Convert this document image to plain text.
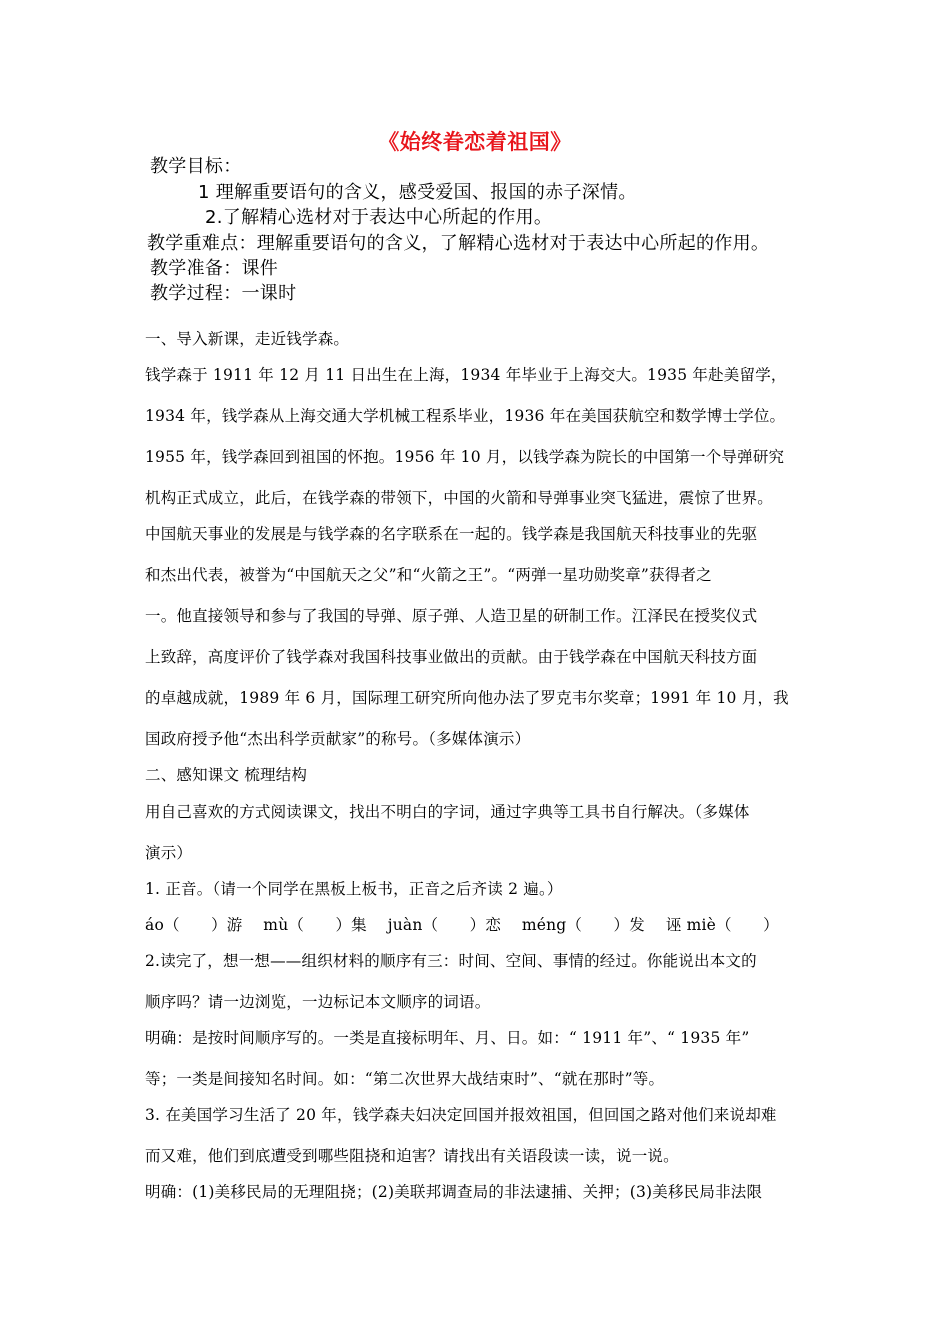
《始终眷恋着祖国》
教学目标：
1 理解重要语句的含义，感受爱国、报国的赤子深情。
2.了解精心选材对于表达中心所起的作用。
教学重难点：理解重要语句的含义，了解精心选材对于表达中心所起的作用。
教学准备：课件
教学过程：一课时
一、导入新课，走近钱学森。
钱学森于 1911 年 12 月 11 日出生在上海，1934 年毕业于上海交大。1935 年赴美留学，
1934 年，钱学森从上海交通大学机械工程系毕业，1936 年在美国获航空和数学博士学位。
1955 年，钱学森回到祖国的怀抱。1956 年 10 月，以钱学森为院长的中国第一个导弹研究
机构正式成立，此后，在钱学森的带领下，中国的火箭和导弹事业突飞猛进，震惊了世界。
中国航天事业的发展是与钱学森的名字联系在一起的。钱学森是我国航天科技事业的先驱
和杰出代表，被誉为“中国航天之父”和“火箭之王”。“两弹一星功勋奖章”获得者之
一。他直接领导和参与了我国的导弹、原子弹、人造卫星的研制工作。江泽民在授奖仪式
上致辞，高度评价了钱学森对我国科技事业做出的贡献。由于钱学森在中国航天科技方面
的卓越成就，1989 年 6 月，国际理工研究所向他办法了罗克韦尔奖章；1991 年 10 月，我
国政府授予他“杰出科学贡献家”的称号。（多媒体演示）
二、感知课文 梳理结构
用自己喜欢的方式阅读课文，找出不明白的字词，通过字典等工具书自行解决。（多媒体
演示）
1. 正音。（请一个同学在黑板上板书，正音之后齐读 2 遍。）
áo（　　）游　 mù（　　）集　 juàn（　　）恋　 méng（　　）发　 诬 miè（　　）
2.读完了，想一想——组织材料的顺序有三：时间、空间、事情的经过。你能说出本文的
顺序吗？请一边浏览，一边标记本文顺序的词语。
明确：是按时间顺序写的。一类是直接标明年、月、日。如：“ 1911 年”、“ 1935 年”
等；一类是间接知名时间。如：“第二次世界大战结束时”、“就在那时”等。
3. 在美国学习生活了 20 年，钱学森夫妇决定回国并报效祖国，但回国之路对他们来说却难
而又难，他们到底遭受到哪些阻挠和迫害？请找出有关语段读一读，说一说。
明确：(1)美移民局的无理阻挠；(2)美联邦调查局的非法逮捕、关押；(3)美移民局非法限
